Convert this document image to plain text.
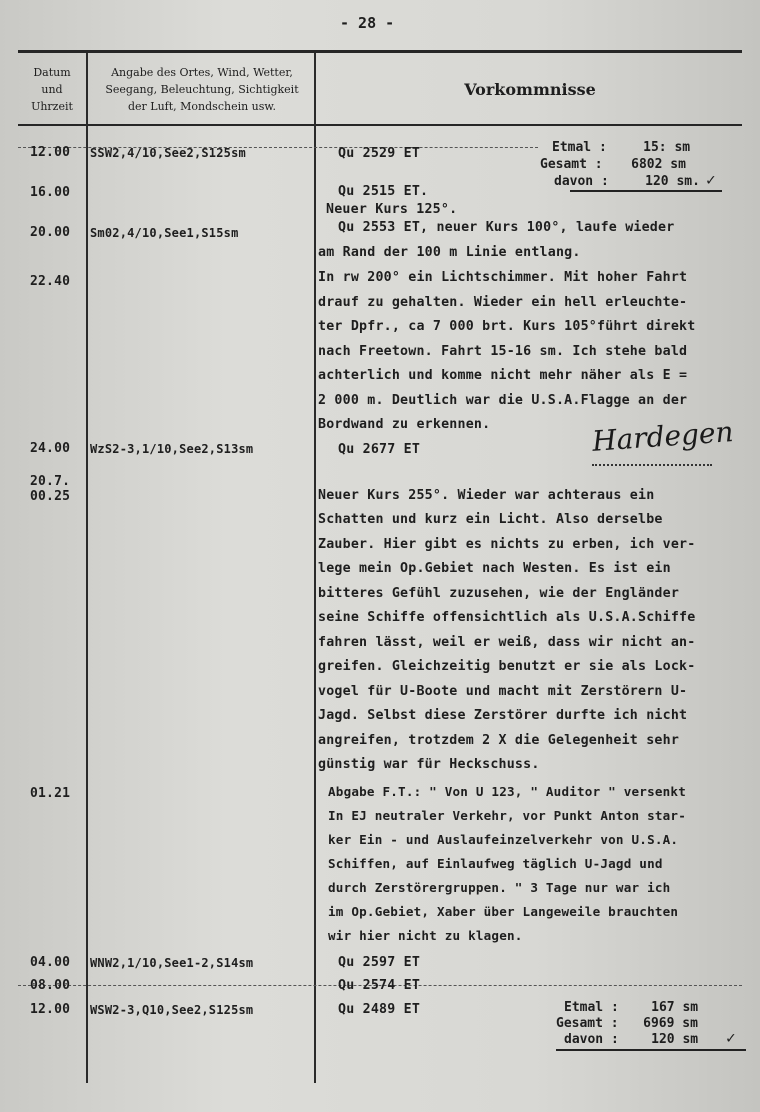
- 28 -
Datum
und
Uhrzeit
Angabe des Ortes, Wind, Wetter,
Seegang, Beleuchtung, Sichtigkeit
der Luft, Mondschein usw.
Vorkommnisse
12.00
16.00
20.00
22.40
24.00
20.7.
00.25
01.21
04.00
08.00
12.00
SSW2,4/10,See2,S125sm
Sm02,4/10,See1,S15sm
WzS2-3,1/10,See2,S13sm
WNW2,1/10,See1-2,S14sm
WSW2-3,Q10,See2,S125sm
Qu 2529 ET
Qu 2515 ET.
Neuer Kurs 125°.
Qu 2553 ET, neuer Kurs 100°, laufe wieder
am Rand der 100 m Linie entlang.
In rw 200° ein Lichtschimmer. Mit hoher Fahrt
drauf zu gehalten. Wieder ein hell erleuchte-
ter Dpfr., ca 7 000 brt. Kurs 105°führt direkt
nach Freetown. Fahrt 15-16 sm. Ich stehe bald
achterlich und komme nicht mehr näher als E =
2 000 m. Deutlich war die U.S.A.Flagge an der
Bordwand zu erkennen.
Qu 2677 ET	Hardegen
Neuer Kurs 255°. Wieder war achteraus ein
Schatten und kurz ein Licht. Also derselbe
Zauber. Hier gibt es nichts zu erben, ich ver-
lege mein Op.Gebiet nach Westen. Es ist ein
bitteres Gefühl zuzusehen, wie der Engländer
seine Schiffe offensichtlich als U.S.A.Schiffe
fahren lässt, weil er weiß, dass wir nicht an-
greifen. Gleichzeitig benutzt er sie als Lock-
vogel für U-Boote und macht mit Zerstörern U-
Jagd. Selbst diese Zerstörer durfte ich nicht
angreifen, trotzdem 2 X die Gelegenheit sehr
günstig war für Heckschuss.
Abgabe F.T.: " Von U 123, " Auditor " versenkt
In EJ neutraler Verkehr, vor Punkt Anton star-
ker Ein - und Auslaufeinzelverkehr von U.S.A.
Schiffen, auf Einlaufweg täglich U-Jagd und
durch Zerstörergruppen. " 3 Tage nur war ich
im Op.Gebiet, Xaber über Langeweile brauchten
wir hier nicht zu klagen.
Qu 2597 ET
Qu 2574 ET
Qu 2489 ET
Etmal : 15: sm
Gesamt : 6802 sm
davon : 120 sm. ✓
Etmal : 167 sm
Gesamt : 6969 sm
davon : 120 sm ✓
